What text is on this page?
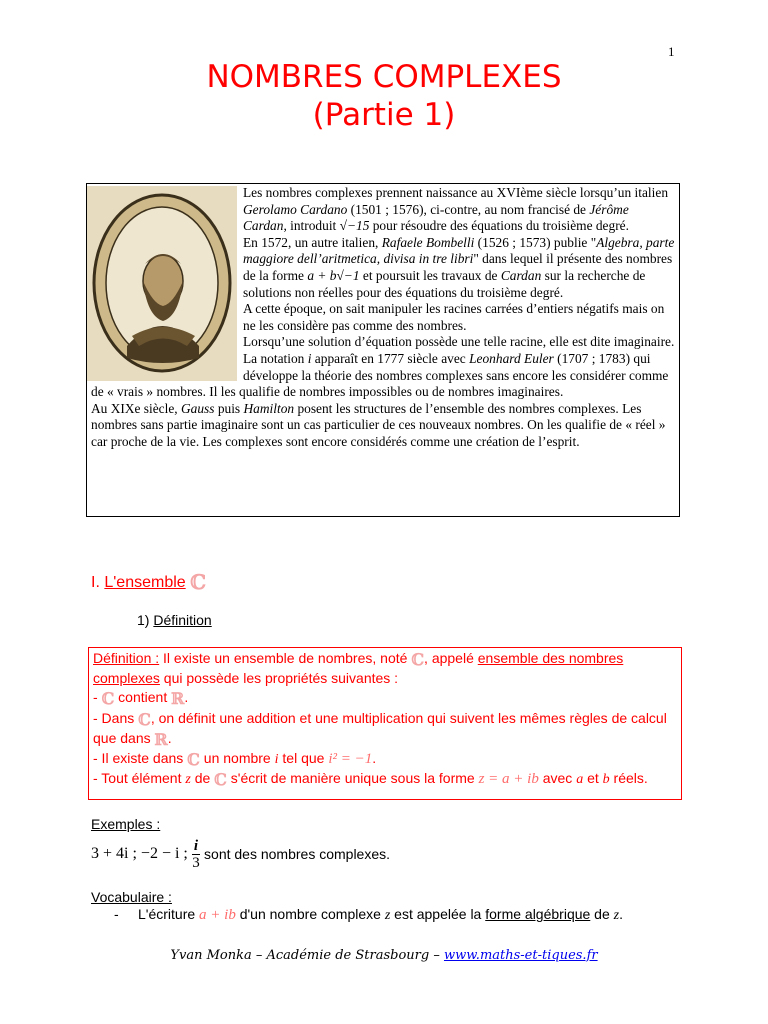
1
NOMBRES COMPLEXES
(Partie 1)

Les nombres complexes prennent naissance au XVIème siècle lorsqu’un italien Gerolamo Cardano (1501 ; 1576), ci-contre, au nom francisé de Jérôme Cardan, introduit √−15 pour résoudre des équations du troisième degré.

En 1572, un autre italien, Rafaele Bombelli (1526 ; 1573) publie "Algebra, parte maggiore dell’aritmetica, divisa in tre libri" dans lequel il présente des nombres de la forme a + b√−1 et poursuit les travaux de Cardan sur la recherche de solutions non réelles pour des équations du troisième degré.

A cette époque, on sait manipuler les racines carrées d’entiers négatifs mais on ne les considère pas comme des nombres.

Lorsqu’une solution d’équation possède une telle racine, elle est dite imaginaire.

La notation i apparaît en 1777 siècle avec Leonhard Euler (1707 ; 1783) qui développe la théorie des nombres complexes sans encore les considérer comme de « vrais » nombres. Il les qualifie de nombres impossibles ou de nombres imaginaires.

Au XIXe siècle, Gauss puis Hamilton posent les structures de l’ensemble des nombres complexes. Les nombres sans partie imaginaire sont un cas particulier de ces nouveaux nombres. On les qualifie de « réel » car proche de la vie. Les complexes sont encore considérés comme une création de l’esprit.

I. L'ensemble ℂ
1) Définition

Définition : Il existe un ensemble de nombres, noté ℂ, appelé ensemble des nombres complexes qui possède les propriétés suivantes :

- ℂ contient ℝ.

- Dans ℂ, on définit une addition et une multiplication qui suivent les mêmes règles de calcul que dans ℝ.

- Il existe dans ℂ un nombre i tel que i² = −1.

- Tout élément z de ℂ s'écrit de manière unique sous la forme z = a + ib avec a et b réels.

Exemples :
3 + 4i ; −2 − i ; $\frac{i}{3}$ sont des nombres complexes.
Vocabulaire :
- L'écriture a + ib d'un nombre complexe z est appelée la forme algébrique de z.
Yvan Monka – Académie de Strasbourg – www.maths-et-tiques.fr
